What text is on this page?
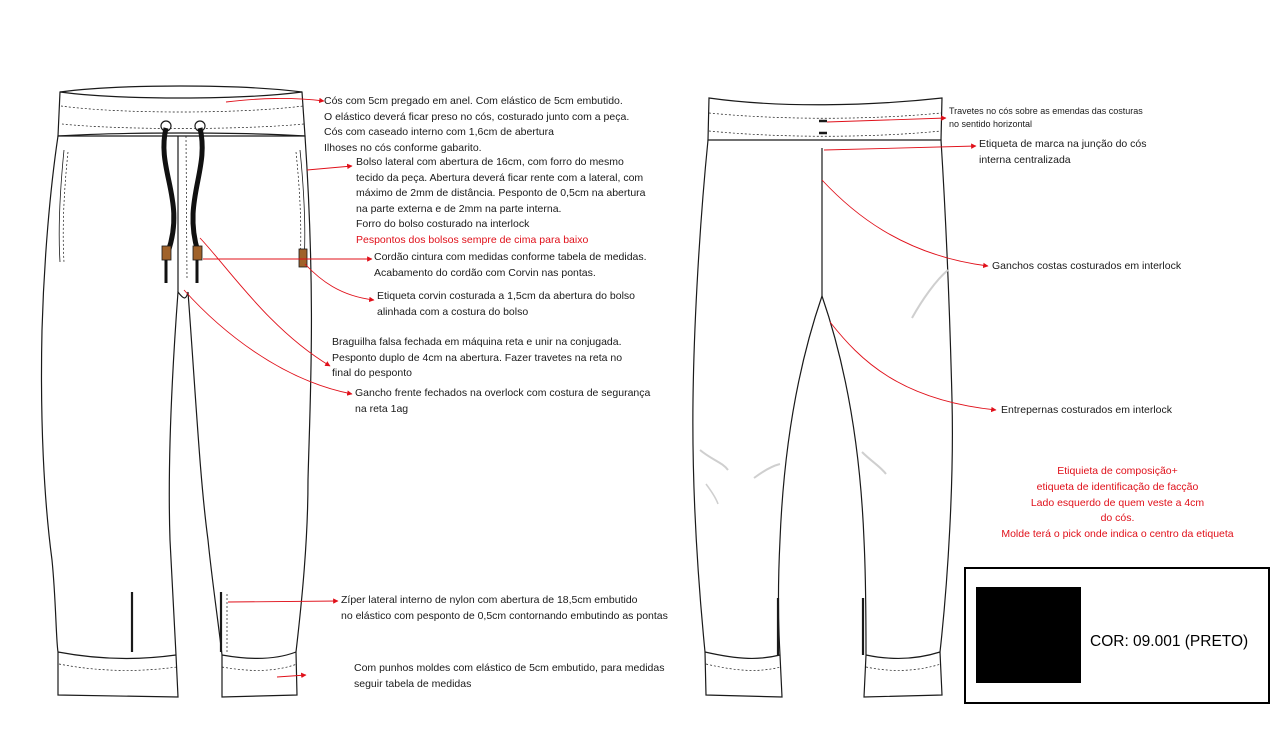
Cós com 5cm pregado em anel. Com elástico de 5cm embutido.
O elástico deverá ficar preso no cós, costurado junto com a peça.
Cós com caseado interno com 1,6cm de abertura
Ilhoses no cós conforme gabarito.
Bolso lateral com abertura de 16cm, com forro do mesmo
tecido da peça. Abertura deverá ficar rente com a lateral, com
máximo de 2mm de distância. Pesponto de 0,5cm na abertura
na parte externa e de 2mm na parte interna.
Forro do bolso costurado na interlock
Pespontos dos bolsos sempre de cima para baixo
Cordão cintura com medidas conforme tabela de medidas.
Acabamento do cordão com Corvin nas pontas.
Etiqueta corvin costurada a 1,5cm da abertura do bolso
alinhada com a costura do bolso
Braguilha falsa fechada em máquina reta e unir na conjugada.
Pesponto duplo de 4cm na abertura. Fazer travetes na reta no
final do pesponto
Gancho frente fechados na overlock com costura de segurança
na reta 1ag
Zíper lateral interno de nylon com abertura de 18,5cm embutido
no elástico com pesponto de 0,5cm contornando embutindo as pontas
Com punhos moldes com elástico de 5cm embutido, para medidas
seguir tabela de medidas
Travetes no cós sobre as emendas das costuras
no sentido horizontal
Etiqueta de marca na junção do cós
interna centralizada
Ganchos costas costurados em interlock
Entrepernas costurados em interlock
Etiquieta de composição+
etiqueta de identificação de facção
Lado esquerdo de quem veste a 4cm
do cós.
Molde terá o pick onde indica o centro da etiqueta
COR: 09.001 (PRETO)
